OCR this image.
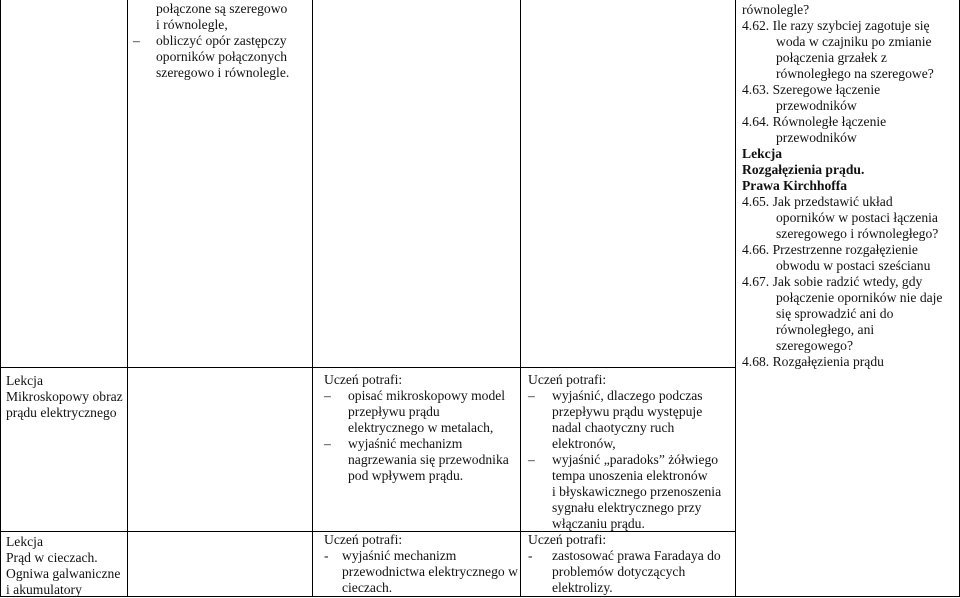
Lekcja
Mikroskopowy obraz
prądu elektrycznego
Lekcja
Prąd w cieczach.
Ogniwa galwaniczne
i akumulatory
połączone są szeregowo
i równolegle,
– obliczyć opór zastępczy
oporników połączonych
szeregowo i równolegle.
Uczeń potrafi:
– opisać mikroskopowy model
przepływu prądu
elektrycznego w metalach,
– wyjaśnić mechanizm
nagrzewania się przewodnika
pod wpływem prądu.
Uczeń potrafi:
- wyjaśnić mechanizm
przewodnictwa elektrycznego w
cieczach.
Uczeń potrafi:
– wyjaśnić, dlaczego podczas
przepływu prądu występuje
nadal chaotyczny ruch
elektronów,
– wyjaśnić „paradoks” żółwiego
tempa unoszenia elektronów
i błyskawicznego przenoszenia
sygnału elektrycznego przy
włączaniu prądu.
Uczeń potrafi:
- zastosować prawa Faradaya do
problemów dotyczących
elektrolizy.
równolegle?
4.62. Ile razy szybciej zagotuje się
woda w czajniku po zmianie
połączenia grzałek z
równoległego na szeregowe?
4.63. Szeregowe łączenie
przewodników
4.64. Równoległe łączenie
przewodników
Lekcja
Rozgałęzienia prądu.
Prawa Kirchhoffa
4.65. Jak przedstawić układ
oporników w postaci łączenia
szeregowego i równoległego?
4.66. Przestrzenne rozgałęzienie
obwodu w postaci sześcianu
4.67. Jak sobie radzić wtedy, gdy
połączenie oporników nie daje
się sprowadzić ani do
równoległego, ani
szeregowego?
4.68. Rozgałęzienia prądu
